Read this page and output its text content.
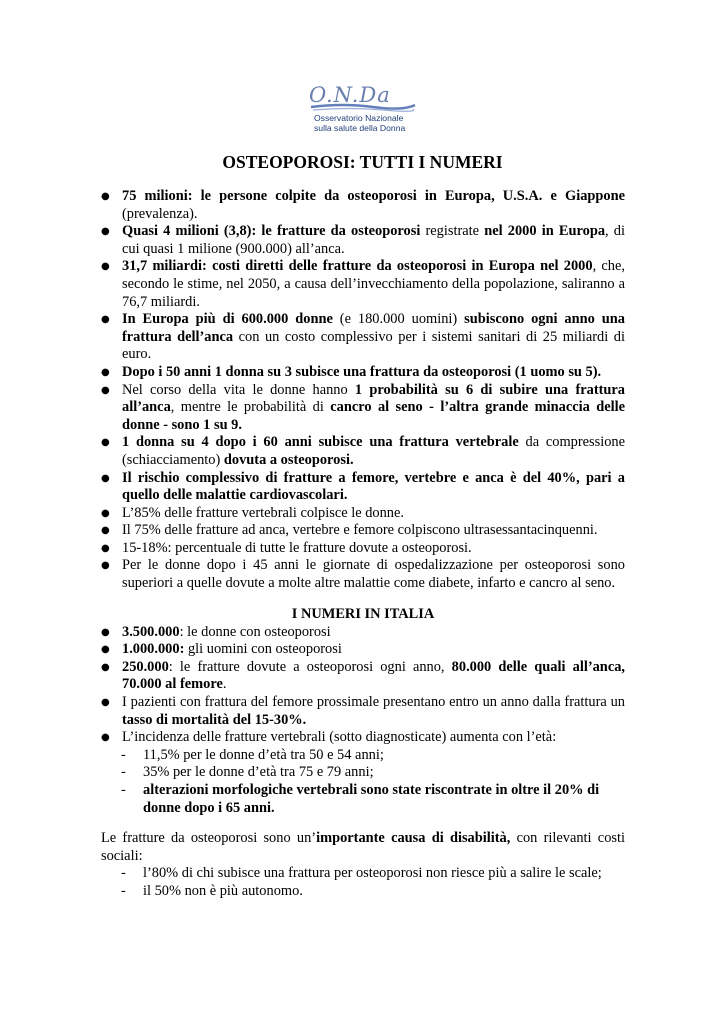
O.N.Da
Osservatorio Nazionale
sulla salute della Donna
OSTEOPOROSI: TUTTI I NUMERI
● 75 milioni: le persone colpite da osteoporosi in Europa, U.S.A. e Giappone (prevalenza).
● Quasi 4 milioni (3,8): le fratture da osteoporosi registrate nel 2000 in Europa, di cui quasi 1 milione (900.000) all’anca.
● 31,7 miliardi: costi diretti delle fratture da osteoporosi in Europa nel 2000, che, secondo le stime, nel 2050, a causa dell’invecchiamento della popolazione, saliranno a 76,7 miliardi.
● In Europa più di 600.000 donne (e 180.000 uomini) subiscono ogni anno una frattura dell’anca con un costo complessivo per i sistemi sanitari di 25 miliardi di euro.
● Dopo i 50 anni 1 donna su 3 subisce una frattura da osteoporosi (1 uomo su 5).
● Nel corso della vita le donne hanno 1 probabilità su 6 di subire una frattura all’anca, mentre le probabilità di cancro al seno - l’altra grande minaccia delle donne - sono 1 su 9.
● 1 donna su 4 dopo i 60 anni subisce una frattura vertebrale da compressione (schiacciamento) dovuta a osteoporosi.
● Il rischio complessivo di fratture a femore, vertebre e anca è del 40%, pari a quello delle malattie cardiovascolari.
● L’85% delle fratture vertebrali colpisce le donne.
● Il 75% delle fratture ad anca, vertebre e femore colpiscono ultrasessantacinquenni.
● 15-18%: percentuale di tutte le fratture dovute a osteoporosi.
● Per le donne dopo i 45 anni le giornate di ospedalizzazione per osteoporosi sono superiori a quelle dovute a molte altre malattie come diabete, infarto e cancro al seno.
I NUMERI IN ITALIA
● 3.500.000: le donne con osteoporosi
● 1.000.000: gli uomini con osteoporosi
● 250.000: le fratture dovute a osteoporosi ogni anno, 80.000 delle quali all’anca, 70.000 al femore.
● I pazienti con frattura del femore prossimale presentano entro un anno dalla frattura un tasso di mortalità del 15-30%.
● L’incidenza delle fratture vertebrali (sotto diagnosticate) aumenta con l’età:
- 11,5% per le donne d’età tra 50 e 54 anni;
- 35% per le donne d’età tra 75 e 79 anni;
- alterazioni morfologiche vertebrali sono state riscontrate in oltre il 20% di donne dopo i 65 anni.

Le fratture da osteoporosi sono un’importante causa di disabilità, con rilevanti costi sociali:

- l’80% di chi subisce una frattura per osteoporosi non riesce più a salire le scale;
- il 50% non è più autonomo.
